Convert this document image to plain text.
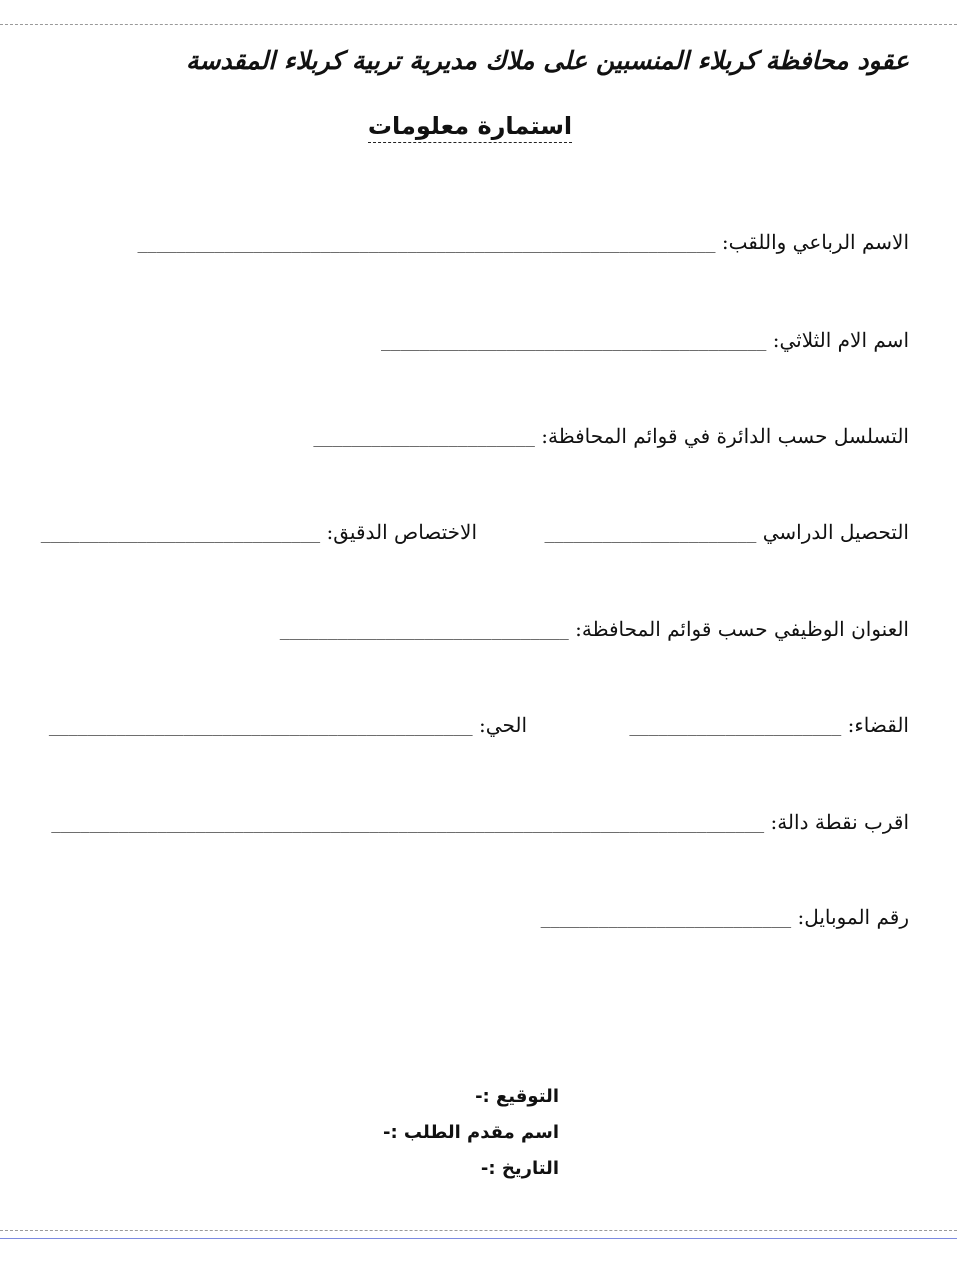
عقود محافظة كربلاء المنسبين على ملاك مديرية تربية كربلاء المقدسة
استمارة معلومات
الاسم الرباعي واللقب: ____________________________________________________________
اسم الام الثلاثي: ________________________________________
التسلسل حسب الدائرة في قوائم المحافظة: _______________________
التحصيل الدراسي ______________________
الاختصاص الدقيق: _____________________________
العنوان الوظيفي حسب قوائم المحافظة: ______________________________
القضاء: ______________________
الحي: ____________________________________________
اقرب نقطة دالة: __________________________________________________________________________
رقم الموبايل: __________________________
التوقيع :-
اسم مقدم الطلب :-
التاريخ :-
